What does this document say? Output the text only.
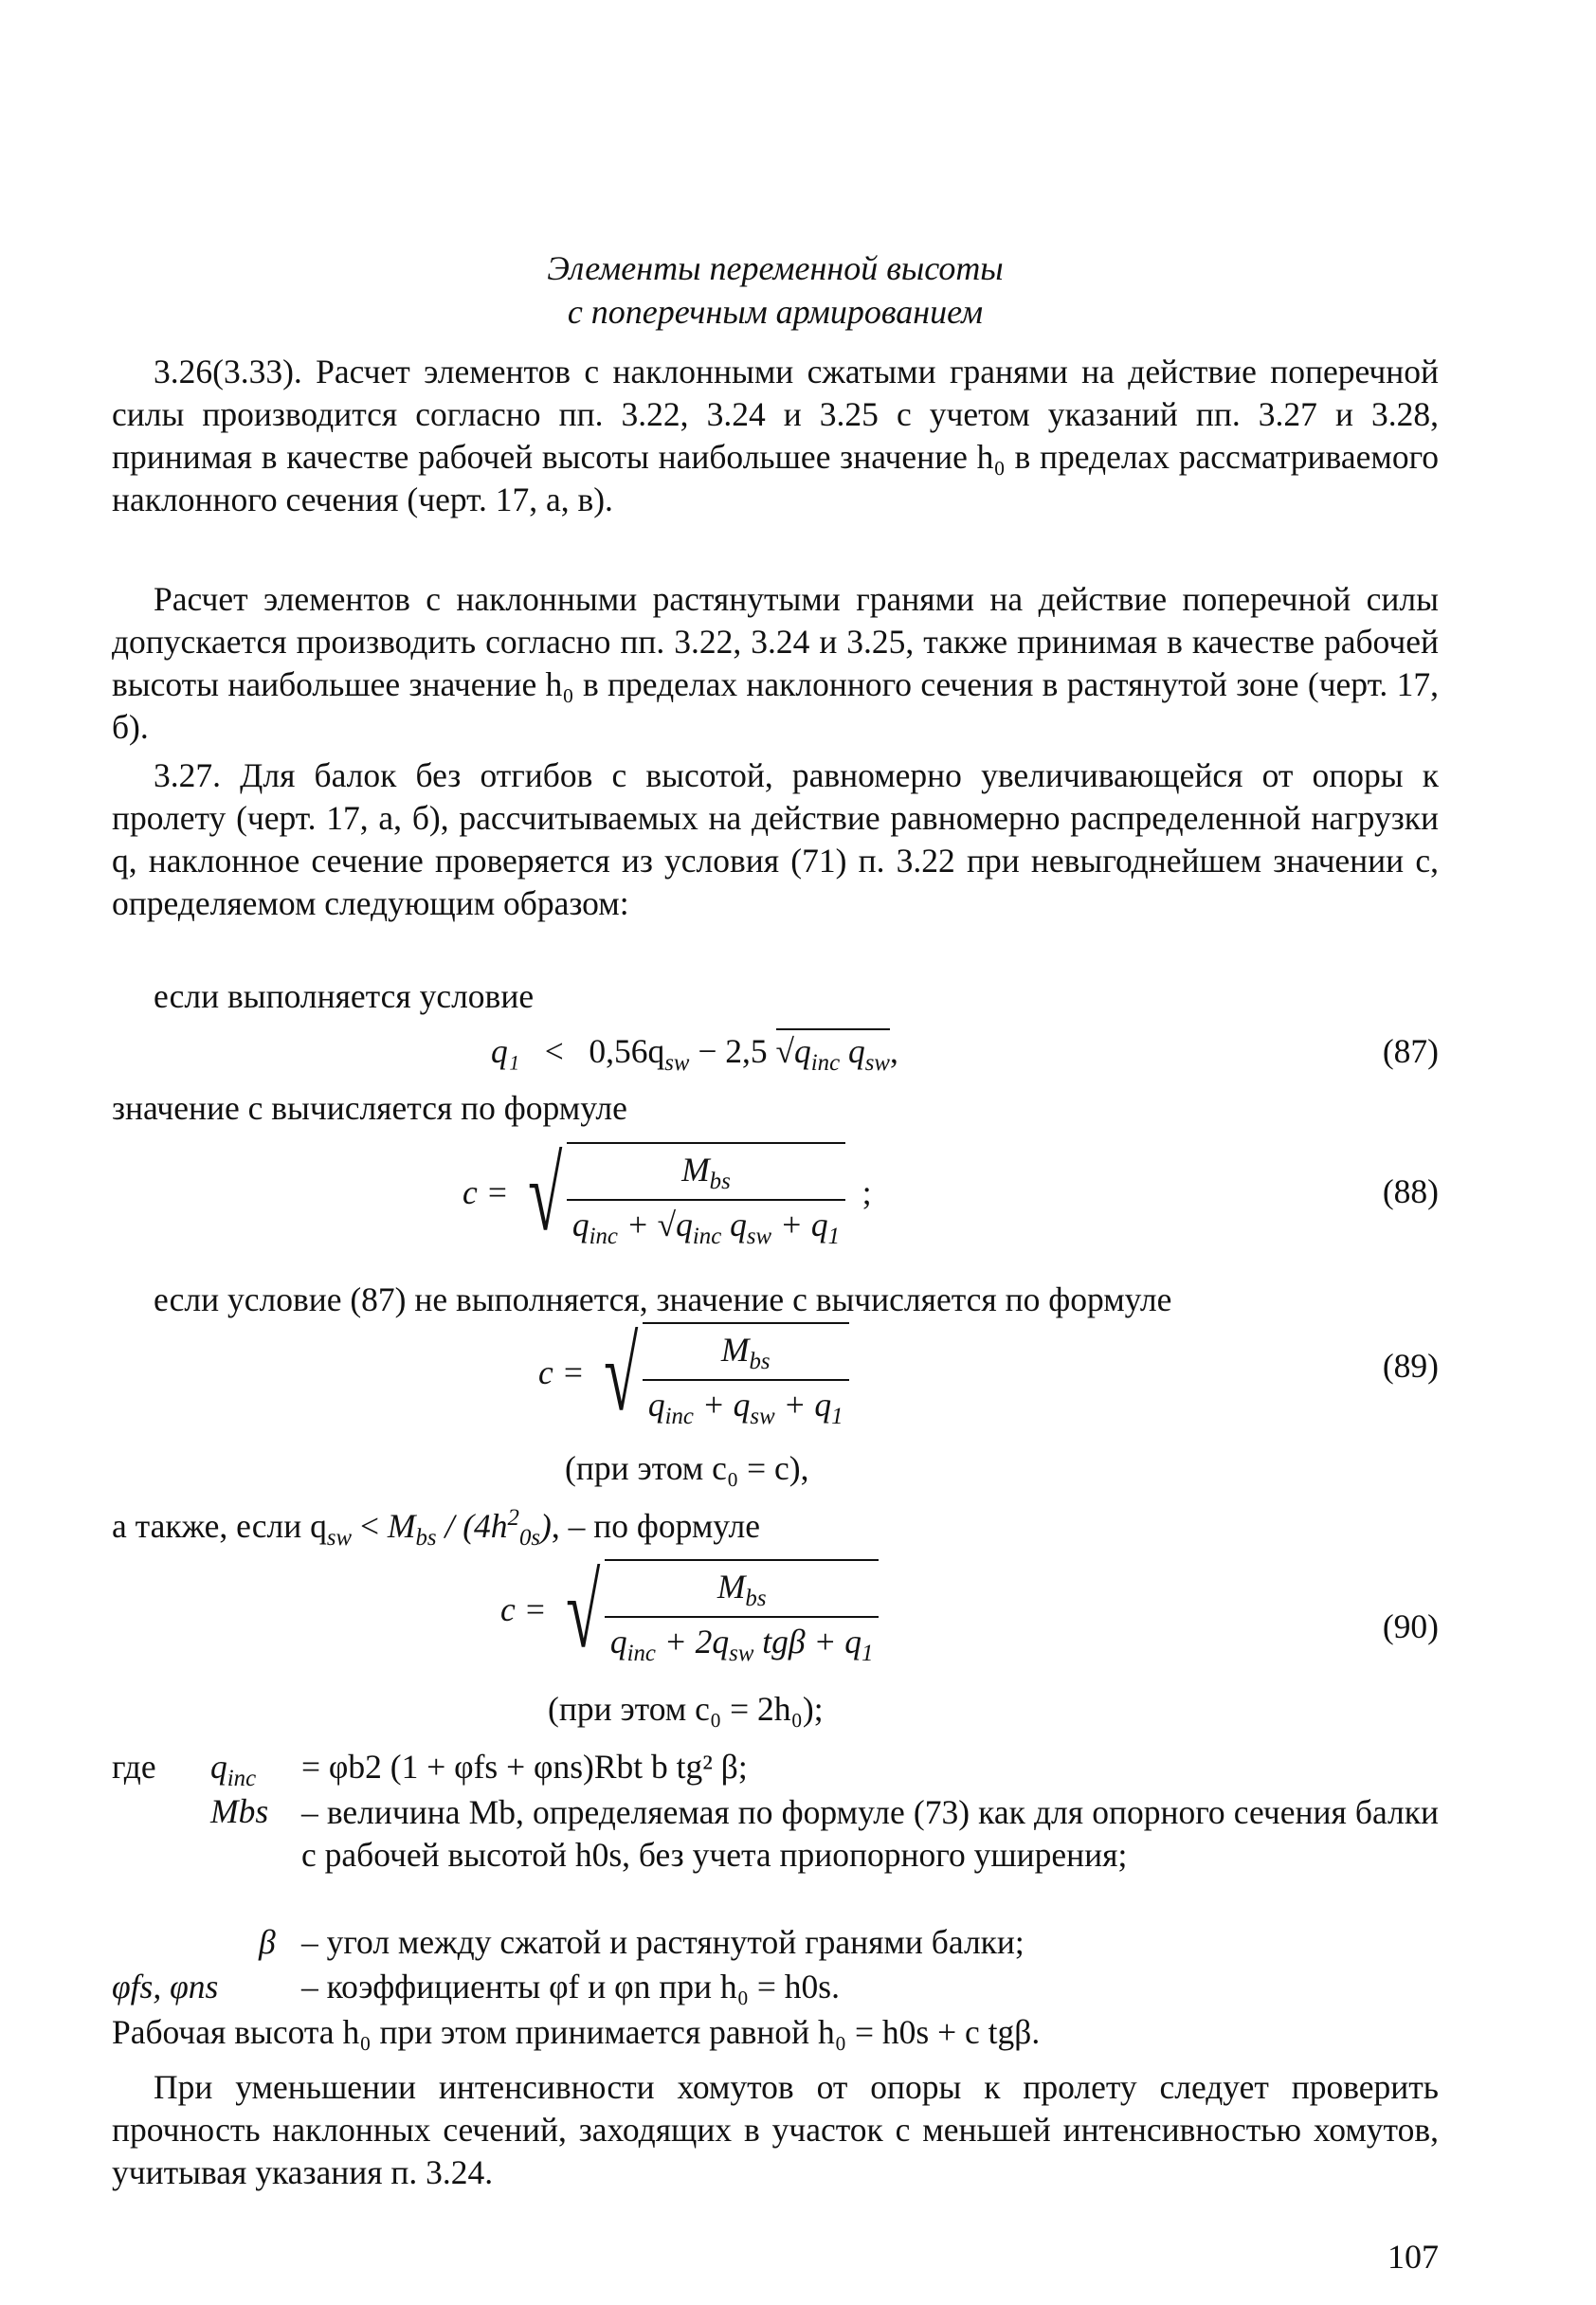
Элементы переменной высоты
с поперечным армированием

3.26(3.33). Расчет элементов с наклонными сжатыми гранями на действие поперечной силы производится согласно пп. 3.22, 3.24 и 3.25 с учетом указаний пп. 3.27 и 3.28, принимая в качестве рабочей высоты наибольшее значение h₀ в пределах рассматриваемого наклонного сечения (черт. 17, а, в).

Расчет элементов с наклонными растянутыми гранями на действие поперечной силы допускается производить согласно пп. 3.22, 3.24 и 3.25, также принимая в качестве рабочей высоты наибольшее значение h₀ в пределах наклонного сечения в растянутой зоне (черт. 17, б).

3.27. Для балок без отгибов с высотой, равномерно увеличивающейся от опоры к пролету (черт. 17, а, б), рассчитываемых на действие равномерно распределенной нагрузки q, наклонное сечение проверяется из условия (71) п. 3.22 при невыгоднейшем значении c, определяемом следующим образом:

если выполняется условие
$q_1 < 0,56q_{sw} - 2,5$ $√q_{inc}$ $q_{sw}$,	(87)
значение c вычисляется по формуле
c = √ $\frac{M_{bs}}{q_{inc} + √q_{inc} q_{sw} + q_1}$ ;	(88)
если условие (87) не выполняется, значение c вычисляется по формуле
c = √ $\frac{M_{bs}}{q_{inc} + q_{sw} + q_1}$	(89)
(при этом c₀ = c),
а также, если $q_{sw} < M_{bs} / (4h^2_{0s})$, – по формуле
c = √ $\frac{M_{bs}}{q_{inc} + 2q_{sw} tg\beta + q_1}$	(90)
(при этом c₀ = 2h₀);
где $q_{inc} = \varphi b2$ (1 + φfs + φns)Rbt b tg² β;
Mbs – величина Mb, определяемая по формуле (73) как для опорного сечения балки с рабочей высотой h0s, без учета приопорного уширения;
β – угол между сжатой и растянутой гранями балки;
φfs, φns – коэффициенты φf и φn при h₀ = h0s.

Рабочая высота h₀ при этом принимается равной h₀ = h0s + c tgβ.

При уменьшении интенсивности хомутов от опоры к пролету следует проверить прочность наклонных сечений, заходящих в участок с меньшей интенсивностью хомутов, учитывая указания п. 3.24.

107
